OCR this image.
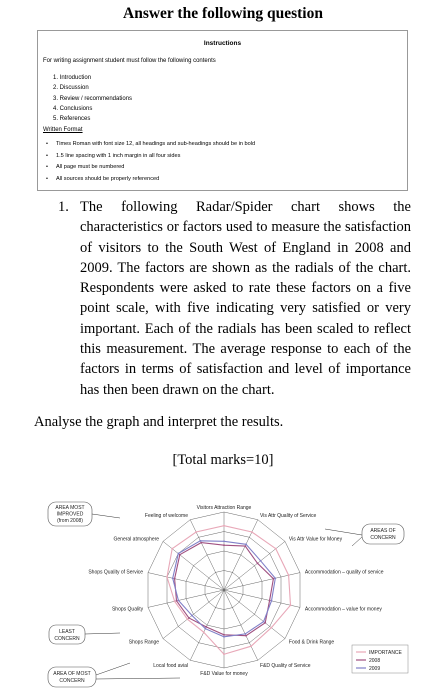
Answer the following question
Instructions
For writing assignment student must follow the following contents
1. Introduction
2. Discussion
3. Review / recommendations
4. Conclusions
5. References
Written Format
• Times Roman with font size 12, all headings and sub-headings should be in bold
• 1.5 line spacing with 1 inch margin in all four sides
• All page must be numbered
• All sources should be properly referenced
1. The following Radar/Spider chart shows the characteristics or factors used to measure the satisfaction of visitors to the South West of England in 2008 and 2009. The factors are shown as the radials of the chart. Respondents were asked to rate these factors on a five point scale, with five indicating very satisfied or very important. Each of the radials has been scaled to reflect this measurement. The average response to each of the factors in terms of satisfaction and level of importance has then been drawn on the chart.

Analyse the graph and interpret the results.
[Total marks=10]
Visitors Attraction Range
Vis Attr Quality of Service
Vis Attr Value for Money
Accommodation – quality of service
Accommodation – value for money
Food & Drink Range
F&D Quality of Service
F&D Value for money
Local food avial
Shops Range
Shops Quality
Shops Quality of Service
General atmosphere
Feeling of welcome
AREA MOST
IMPROVED
(from 2008)
AREAS OF
CONCERN
LEAST
CONCERN
AREA OF MOST
CONCERN
IMPORTANCE
2008
2009
